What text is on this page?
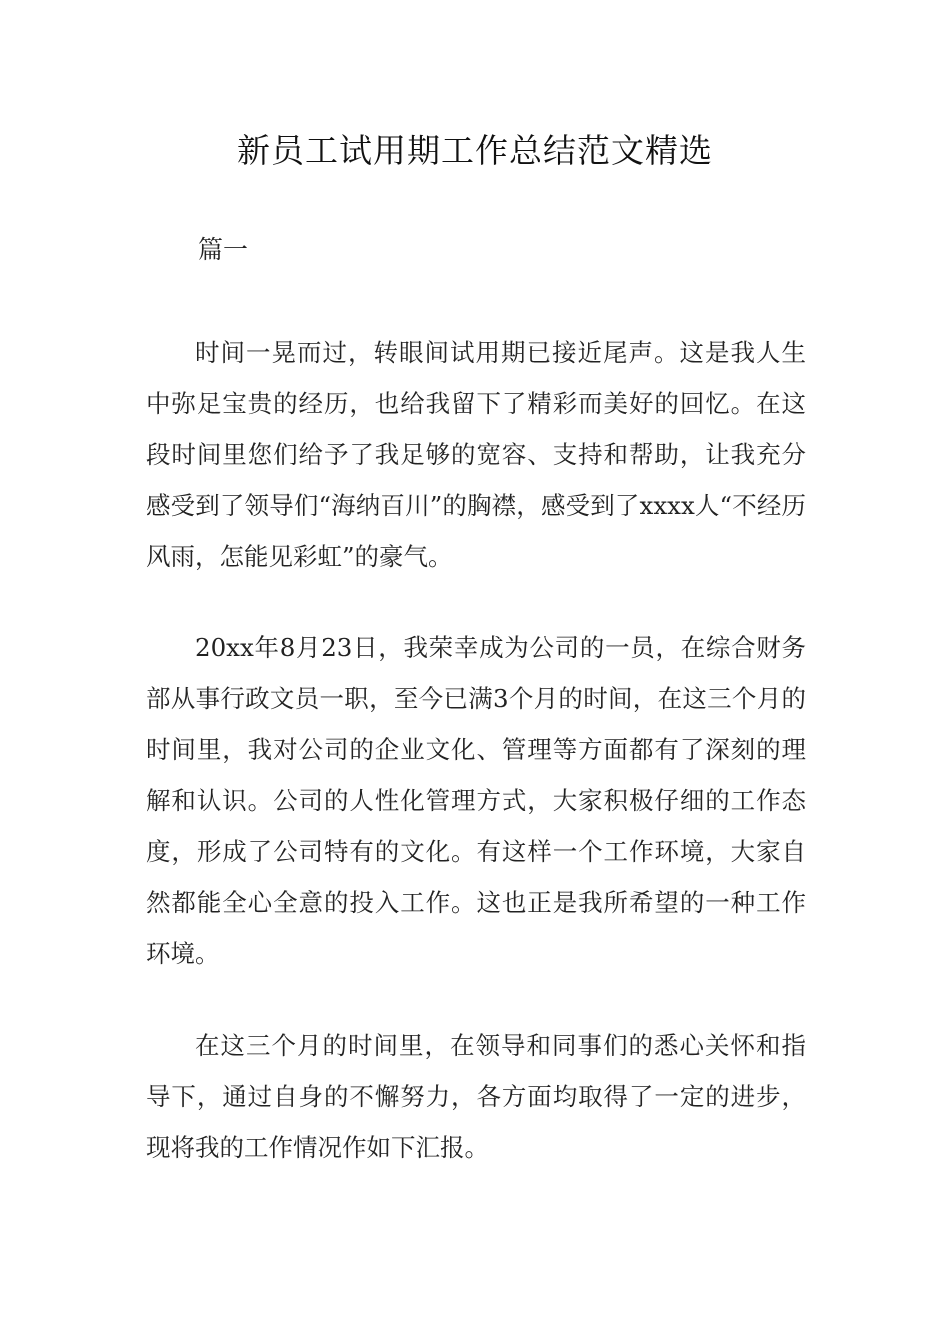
新员工试用期工作总结范文精选

篇一

时间一晃而过，转眼间试用期已接近尾声。这是我人生中弥足宝贵的经历，也给我留下了精彩而美好的回忆。在这段时间里您们给予了我足够的宽容、支持和帮助，让我充分感受到了领导们“海纳百川”的胸襟，感受到了xxxx人“不经历风雨，怎能见彩虹”的豪气。

20xx年8月23日，我荣幸成为公司的一员，在综合财务部从事行政文员一职，至今已满3个月的时间，在这三个月的时间里，我对公司的企业文化、管理等方面都有了深刻的理解和认识。公司的人性化管理方式，大家积极仔细的工作态度，形成了公司特有的文化。有这样一个工作环境，大家自然都能全心全意的投入工作。这也正是我所希望的一种工作环境。

在这三个月的时间里，在领导和同事们的悉心关怀和指导下，通过自身的不懈努力，各方面均取得了一定的进步，现将我的工作情况作如下汇报。
